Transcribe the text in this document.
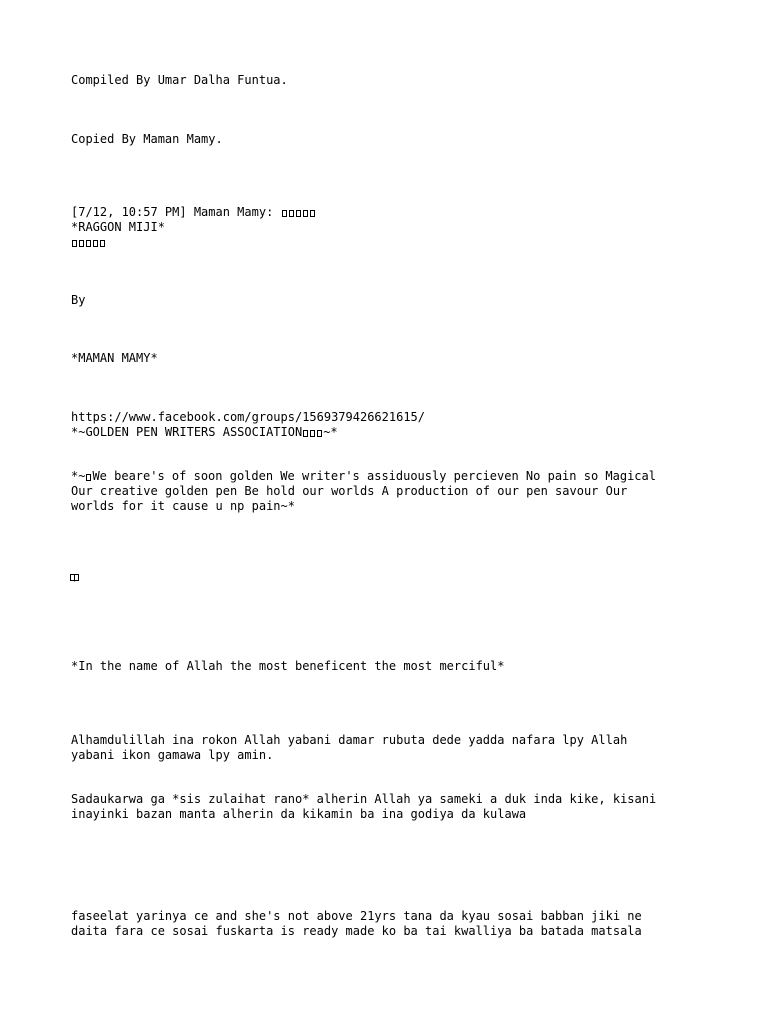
Compiled By Umar Dalha Funtua.
Copied By Maman Mamy.
[7/12, 10:57 PM] Maman Mamy:
*RAGGON MIJI*
By
*MAMAN MAMY*
https://www.facebook.com/groups/1569379426621615/
*~GOLDEN PEN WRITERS ASSOCIATION ~*
*~ We beare's of soon golden We writer's assiduously percieven No pain so Magical
Our creative golden pen Be hold our worlds A production of our pen savour Our
worlds for it cause u np pain~*
*In the name of Allah the most beneficent the most merciful*
Alhamdulillah ina rokon Allah yabani damar rubuta dede yadda nafara lpy Allah
yabani ikon gamawa lpy amin.
Sadaukarwa ga *sis zulaihat rano* alherin Allah ya sameki a duk inda kike, kisani
inayinki bazan manta alherin da kikamin ba ina godiya da kulawa
faseelat yarinya ce and she's not above 21yrs tana da kyau sosai babban jiki ne
daita fara ce sosai fuskarta is ready made ko ba tai kwalliya ba batada matsala
